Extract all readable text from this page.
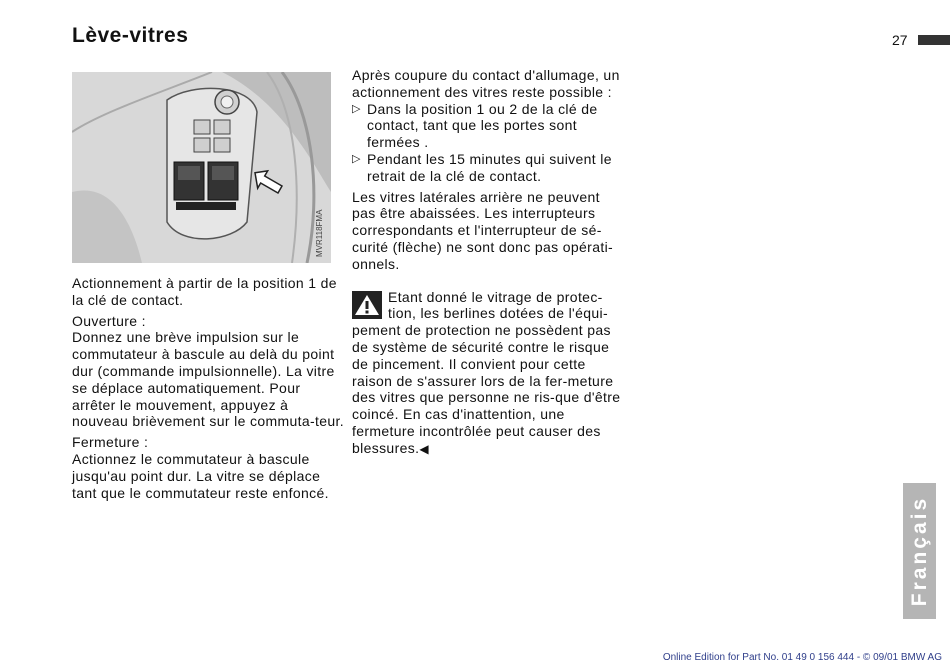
Lève-vitres	27
MVR118FMA

Actionnement à partir de la position 1 de la clé de contact.

Ouverture :

Donnez une brève impulsion sur le commutateur à bascule au delà du point dur (commande impulsionnelle). La vitre se déplace automatiquement. Pour arrêter le mouvement, appuyez à nouveau brièvement sur le commuta-teur.

Fermeture :

Actionnez le commutateur à bascule jusqu'au point dur. La vitre se déplace tant que le commutateur reste enfoncé.

Après coupure du contact d'allumage, un actionnement des vitres reste possible :

▷ Dans la position 1 ou 2 de la clé de contact, tant que les portes sont fermées .
▷ Pendant les 15 minutes qui suivent le retrait de la clé de contact.

Les vitres latérales arrière ne peuvent pas être abaissées. Les interrupteurs correspondants et l'interrupteur de sé-curité (flèche) ne sont donc pas opérati-onnels.

Etant donné le vitrage de protec-tion, les berlines dotées de l'équi-pement de protection ne possèdent pas de système de sécurité contre le risque de pincement. Il convient pour cette raison de s'assurer lors de la fer-meture des vitres que personne ne ris-que d'être coincé. En cas d'inattention, une fermeture incontrôlée peut causer des blessures.◀
Français
Online Edition for Part No. 01 49 0 156 444 - © 09/01 BMW AG
